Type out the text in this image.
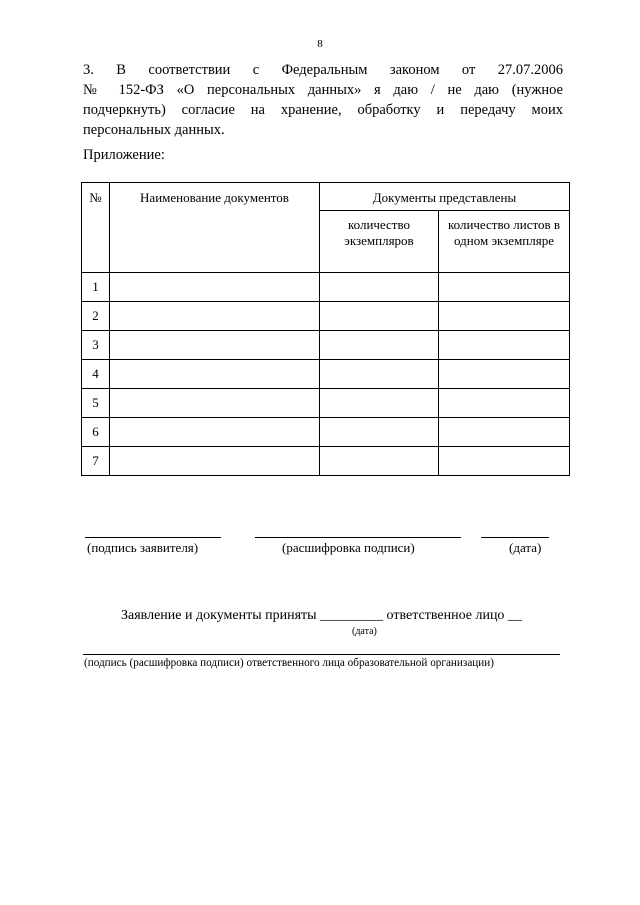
8
3. В соответствии с Федеральным законом от 27.07.2006
№ 152-ФЗ «О персональных данных» я даю / не даю (нужное
подчеркнуть) согласие на хранение, обработку и передачу моих
персональных данных.
Приложение:
№	Наименование документов	Документы представлены	
		количество экземпляров	количество листов в одном экземпляре
1			
2			
3			
4			
5			
6			
7			
(подпись заявителя)	(расшифровка подписи)	(дата)
Заявление и документы приняты _________ ответственное лицо __
(дата)
(подпись (расшифровка подписи) ответственного лица образовательной организации)
